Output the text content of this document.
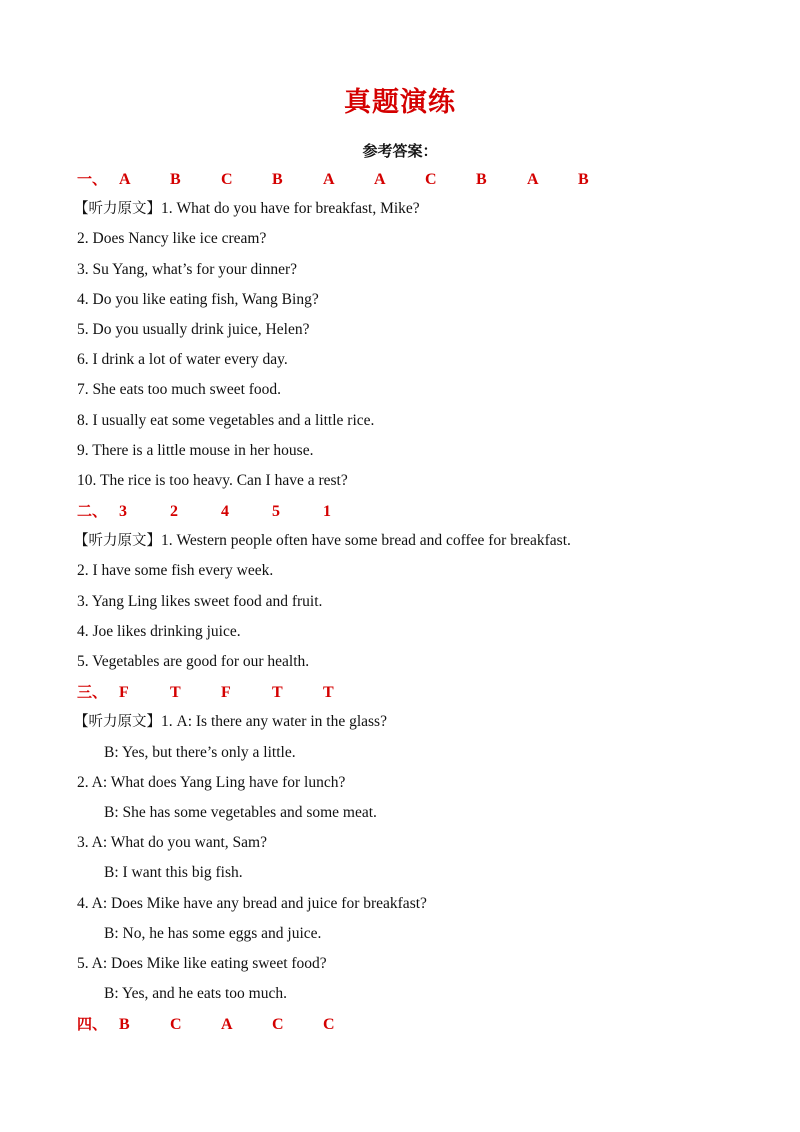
真题演练
参考答案：
一、 A B	C B	A A C B	A B
【听力原文】1. What do you have for breakfast, Mike?
2. Does Nancy like ice cream?
3. Su Yang, what’s for your dinner?
4. Do you like eating fish, Wang Bing?
5. Do you usually drink juice, Helen?
6. I drink a lot of water every day.
7. She eats too much sweet food.
8. I usually eat some vegetables and a little rice.
9. There is a little mouse in her house.
10. The rice is too heavy. Can I have a rest?
二、 3	2	4	5	1
【听力原文】1. Western people often have some bread and coffee for breakfast.
2. I have some fish every week.
3. Yang Ling likes sweet food and fruit.
4. Joe likes drinking juice.
5. Vegetables are good for our health.
三、 F	T	F	T	T
【听力原文】1. A: Is there any water in the glass?
B: Yes, but there’s only a little.
2. A: What does Yang Ling have for lunch?
B: She has some vegetables and some meat.
3. A: What do you want, Sam?
B: I want this big fish.
4. A: Does Mike have any bread and juice for breakfast?
B: No, he has some eggs and juice.
5. A: Does Mike like eating sweet food?
B: Yes, and he eats too much.
四、 B	C A C C
